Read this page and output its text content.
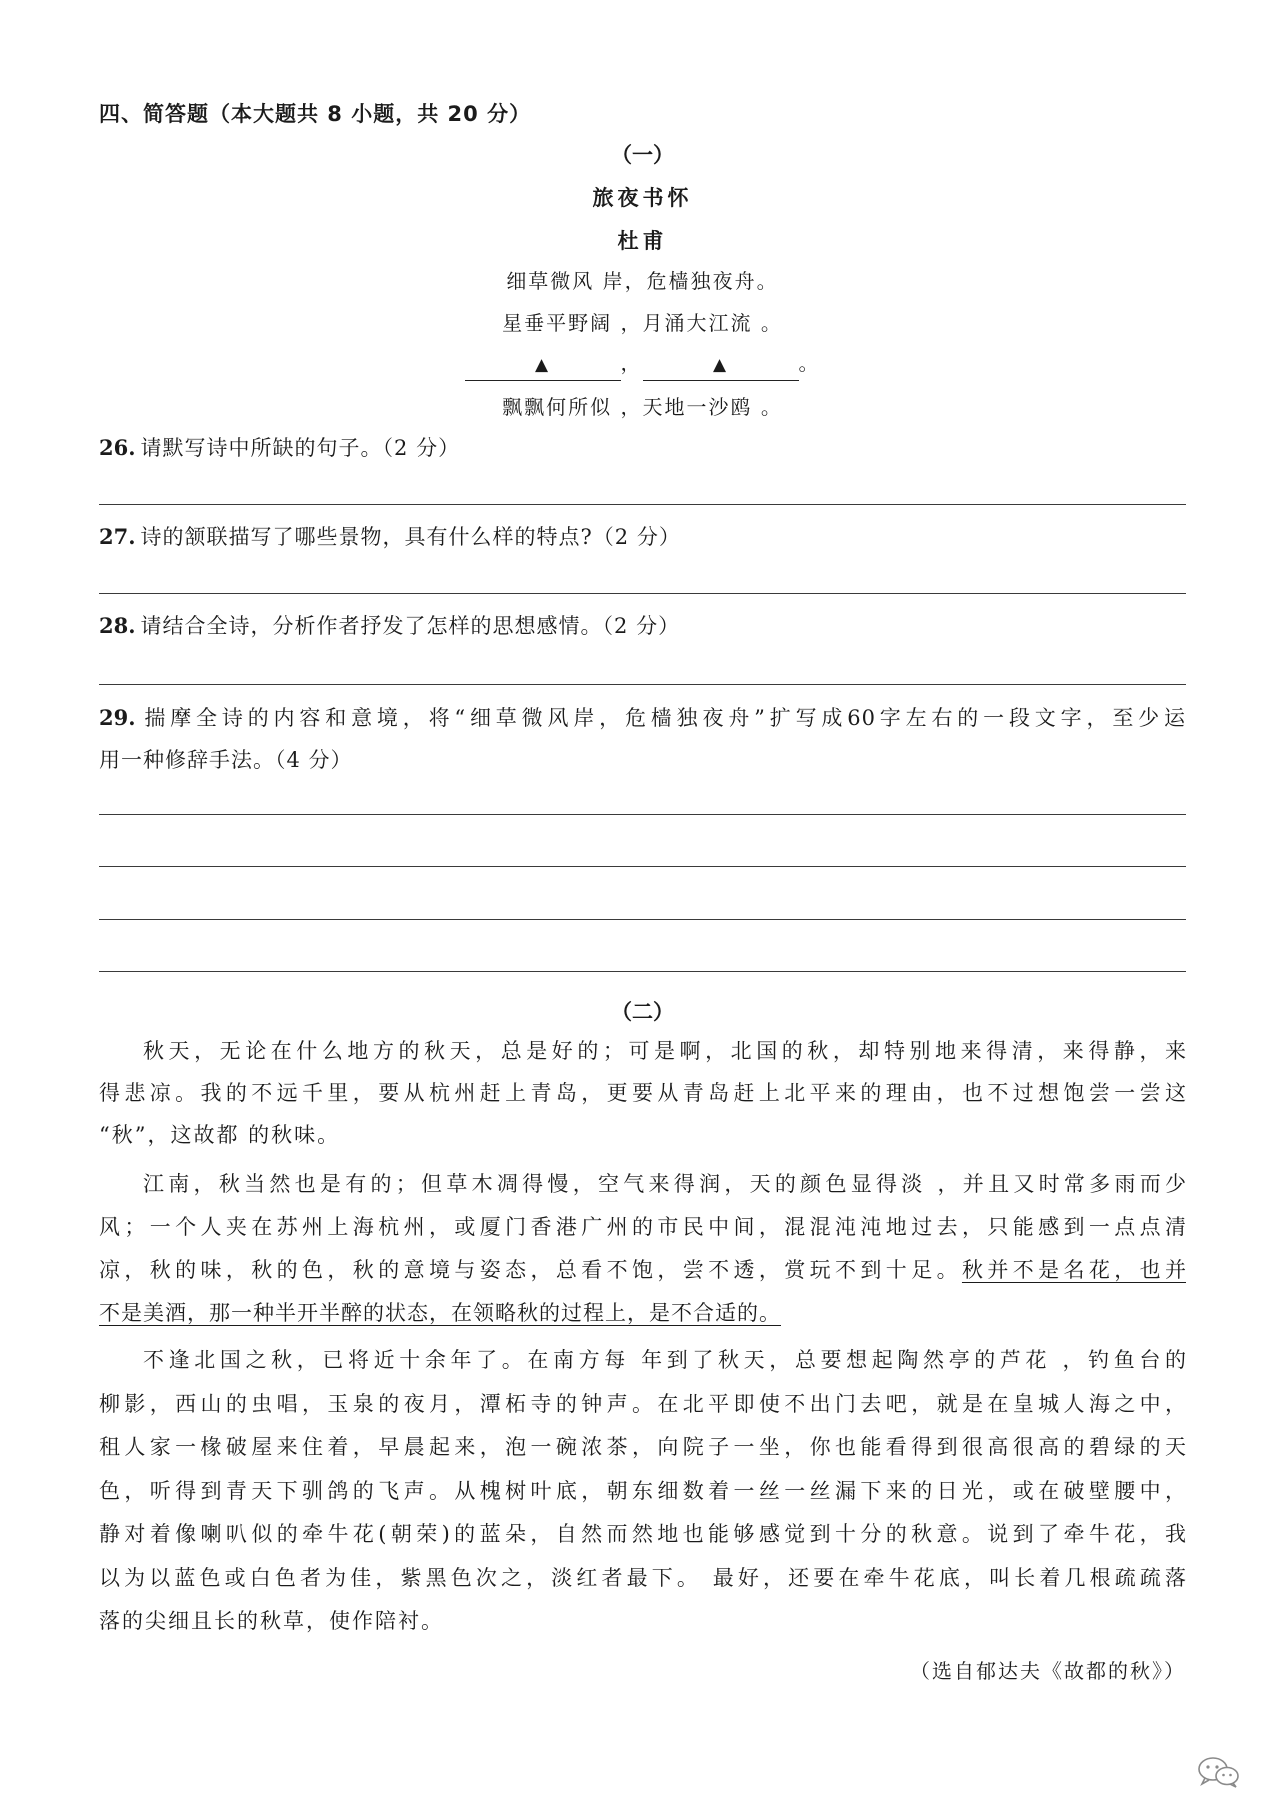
四、简答题（本大题共 8 小题，共 20 分）
（一）
旅夜书怀
杜甫
细草微风 岸，危樯独夜舟。
星垂平野阔 ，月涌大江流 。
▲	，	▲	。
飘飘何所似 ，天地一沙鸥 。
26. 请默写诗中所缺的句子。（2 分）
27. 诗的颔联描写了哪些景物，具有什么样的特点?（2 分）
28. 请结合全诗，分析作者抒发了怎样的思想感情。（2 分）
29. 揣摩全诗的内容和意境，将“细草微风岸，危樯独夜舟”扩写成60字左右的一段文字，至少运
用一种修辞手法。（4 分）
（二）
秋天，无论在什么地方的秋天，总是好的；可是啊，北国的秋，却特别地来得清，来得静，来
得悲凉。我的不远千里，要从杭州赶上青岛，更要从青岛赶上北平来的理由，也不过想饱尝一尝这
“秋”，这故都 的秋味。
江南，秋当然也是有的；但草木凋得慢，空气来得润，天的颜色显得淡 ，并且又时常多雨而少
风；一个人夹在苏州上海杭州，或厦门香港广州的市民中间，混混沌沌地过去，只能感到一点点清
凉，秋的味，秋的色，秋的意境与姿态，总看不饱，尝不透，赏玩不到十足。秋并不是名花，也并
不是美酒，那一种半开半醉的状态，在领略秋的过程上，是不合适的。
不逢北国之秋，已将近十余年了。在南方每 年到了秋天，总要想起陶然亭的芦花 ，钓鱼台的
柳影，西山的虫唱，玉泉的夜月，潭柘寺的钟声。在北平即使不出门去吧，就是在皇城人海之中，
租人家一椽破屋来住着，早晨起来，泡一碗浓茶，向院子一坐，你也能看得到很高很高的碧绿的天
色，听得到青天下驯鸽的飞声。从槐树叶底，朝东细数着一丝一丝漏下来的日光，或在破壁腰中，
静对着像喇叭似的牵牛花(朝荣)的蓝朵，自然而然地也能够感觉到十分的秋意。说到了牵牛花，我
以为以蓝色或白色者为佳，紫黑色次之，淡红者最下。 最好，还要在牵牛花底，叫长着几根疏疏落
落的尖细且长的秋草，使作陪衬。
（选自郁达夫《故都的秋》）
